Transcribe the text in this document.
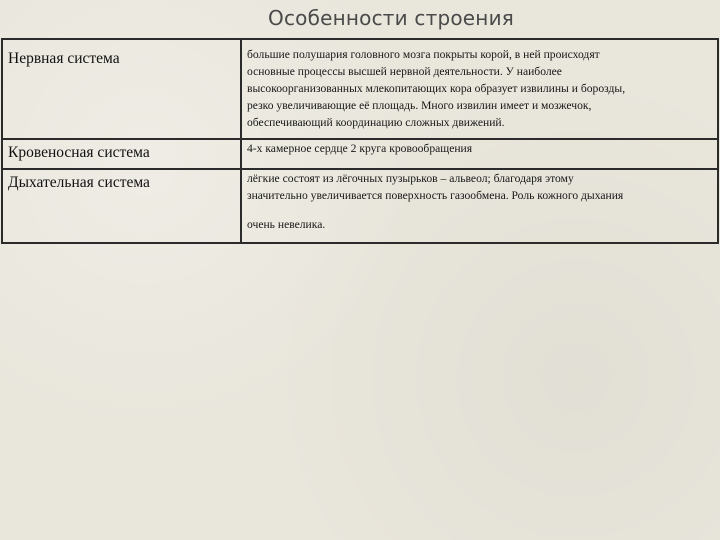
Особенности строения
Нервная система	большие полушария головного мозга покрыты корой, в ней происходят
основные процессы высшей нервной деятельности. У наиболее
высокоорганизованных млекопитающих кора образует извилины и борозды,
резко увеличивающие её площадь. Много извилин имеет и мозжечок,
обеспечивающий координацию сложных движений.

Кровеносная система	4-х камерное сердце 2 круга кровообращения

Дыхательная система	лёгкие состоят из лёгочных пузырьков – альвеол; благодаря этому
значительно увеличивается поверхность газообмена. Роль кожного дыхания
очень невелика.
